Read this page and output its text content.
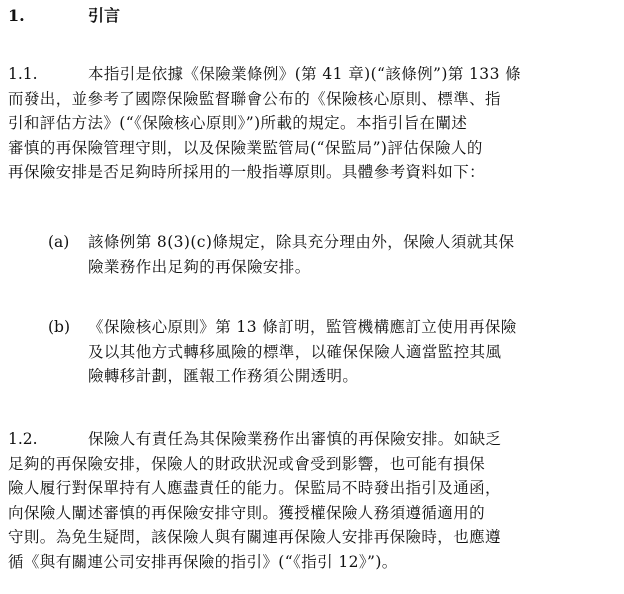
1.	引言
1.1.	本指引是依據《保險業條例》(第 41 章)(“該條例”)第 133 條
而發出，並參考了國際保險監督聯會公布的《保險核心原則、標準、指
引和評估方法》(“《保險核心原則》”)所載的規定。本指引旨在闡述
審慎的再保險管理守則，以及保險業監管局(“保監局”)評估保險人的
再保險安排是否足夠時所採用的一般指導原則。具體參考資料如下：
(a) 該條例第 8(3)(c)條規定，除具充分理由外，保險人須就其保
險業務作出足夠的再保險安排。
(b) 《保險核心原則》第 13 條訂明，監管機構應訂立使用再保險
及以其他方式轉移風險的標準，以確保保險人適當監控其風
險轉移計劃，匯報工作務須公開透明。
1.2.	保險人有責任為其保險業務作出審慎的再保險安排。如缺乏
足夠的再保險安排，保險人的財政狀況或會受到影響，也可能有損保
險人履行對保單持有人應盡責任的能力。保監局不時發出指引及通函，
向保險人闡述審慎的再保險安排守則。獲授權保險人務須遵循適用的
守則。為免生疑問，該保險人與有關連再保險人安排再保險時，也應遵
循《與有關連公司安排再保險的指引》(“《指引 12》”)。
